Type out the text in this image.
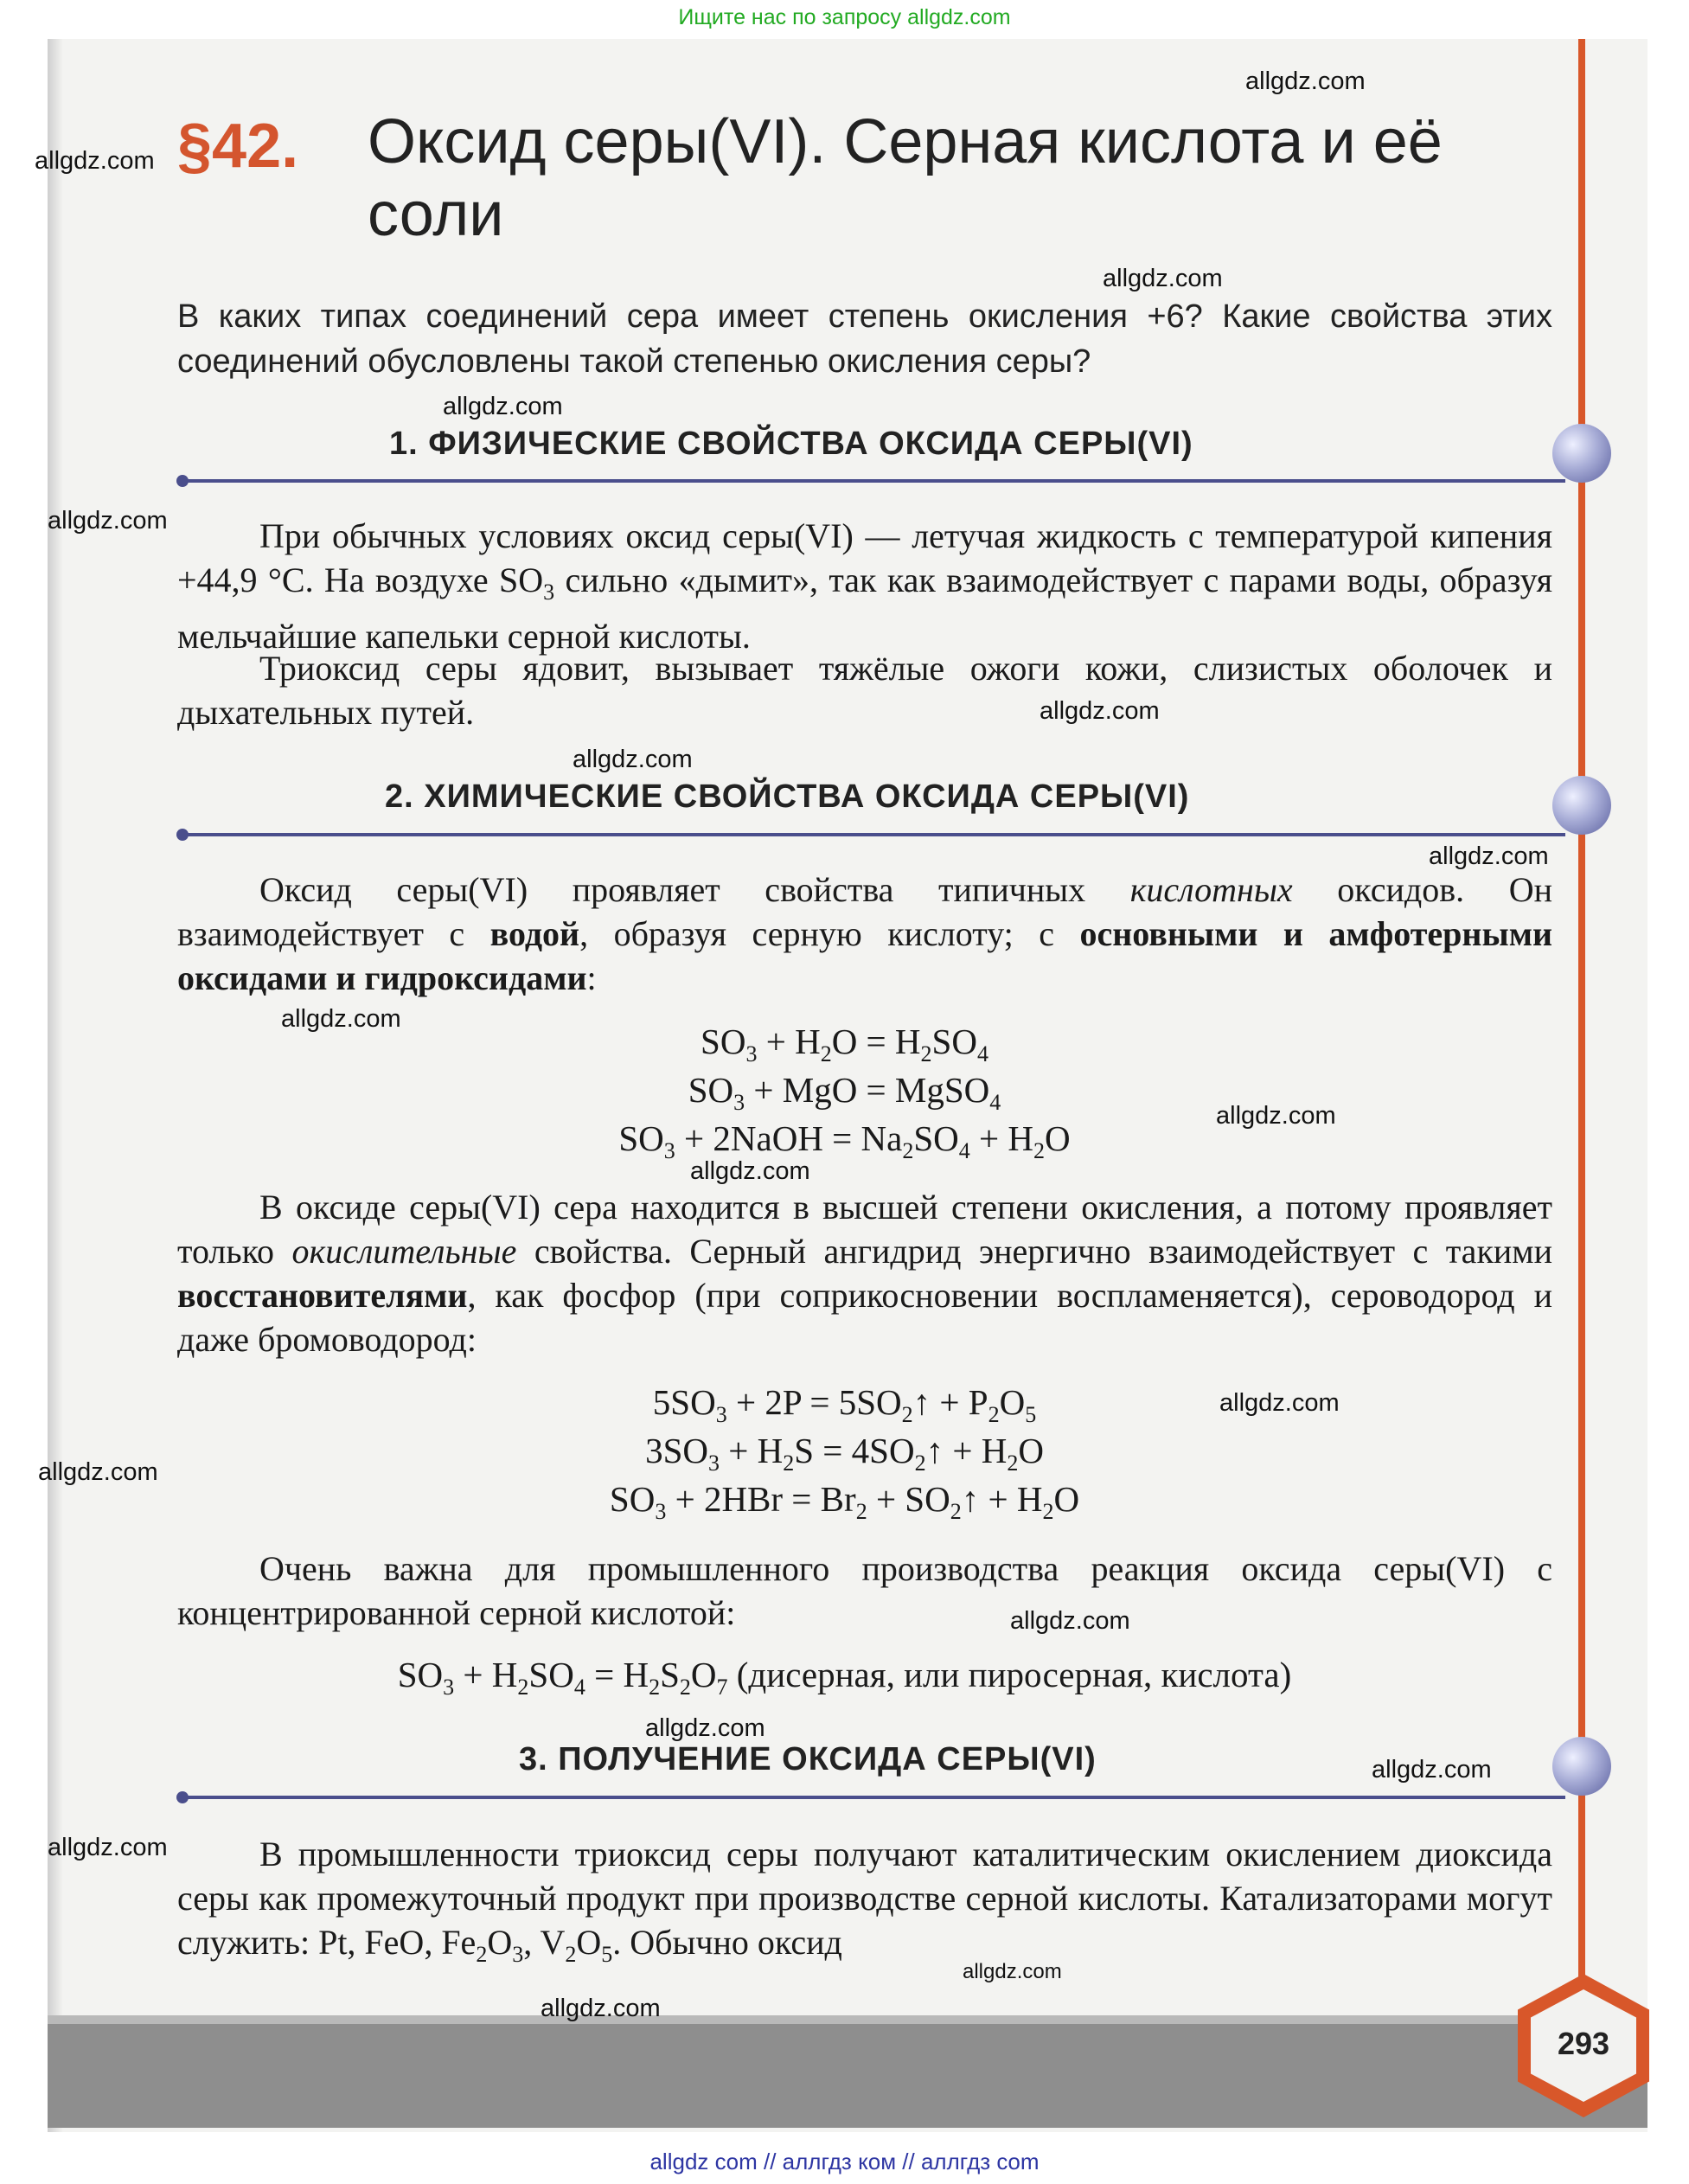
Ищите нас по запросу allgdz.com
§42. Оксид серы(VI). Серная кислота и её соли
В каких типах соединений сера имеет степень окисления +6? Какие свойства этих соединений обусловлены такой степенью окисления серы?
1. ФИЗИЧЕСКИЕ СВОЙСТВА ОКСИДА СЕРЫ(VI)
При обычных условиях оксид серы(VI) — летучая жидкость с температурой кипения +44,9 °C. На воздухе $SO_3$ сильно «дымит», так как взаимодействует с парами воды, образуя мельчайшие капельки серной кислоты.
Триоксид серы ядовит, вызывает тяжёлые ожоги кожи, слизистых оболочек и дыхательных путей.
2. ХИМИЧЕСКИЕ СВОЙСТВА ОКСИДА СЕРЫ(VI)
Оксид серы(VI) проявляет свойства типичных кислотных оксидов. Он взаимодействует с водой, образуя серную кислоту; с основными и амфотерными оксидами и гидроксидами:
$SO_3 + H_2O = H_2SO_4$
$SO_3$ + MgO = MgSO$_4$
$SO_3$ + 2NaOH = $Na_2SO_4 + H_2O$
В оксиде серы(VI) сера находится в высшей степени окисления, а потому проявляет только окислительные свойства. Серный ангидрид энергично взаимодействует с такими восстановителями, как фосфор (при соприкосновении воспламеняется), сероводород и даже бромоводород:
$5SO_3 + 2P$ = $5SO_2↑ + P_2O_5$
$3SO_3 + H_2S$ = $4SO_2↑ + H_2O$
$SO_3 + 2HBr = Br_2$ + $SO_2↑ + H_2O$
Очень важна для промышленного производства реакция оксида серы(VI) с концентрированной серной кислотой:
$SO_3 + H_2SO_4 = H_2S_2O_7$ (дисерная, или пиросерная, кислота)
3. ПОЛУЧЕНИЕ ОКСИДА СЕРЫ(VI)
В промышленности триоксид серы получают каталитическим окислением диоксида серы как промежуточный продукт при производстве серной кислоты. Катализаторами могут служить: Pt, FeO, $Fe_2O_3$, $V_2O_5$. Обычно оксид
293
allgdz.com
allgdz.com
allgdz.com
allgdz.com
allgdz.com
allgdz.com
allgdz.com
allgdz.com
allgdz.com
allgdz.com
allgdz.com
allgdz.com
allgdz.com
allgdz.com
allgdz.com
allgdz.com
allgdz.com
allgdz.com
allgdz.com
allgdz com // аллгдз ком // аллгдз com
